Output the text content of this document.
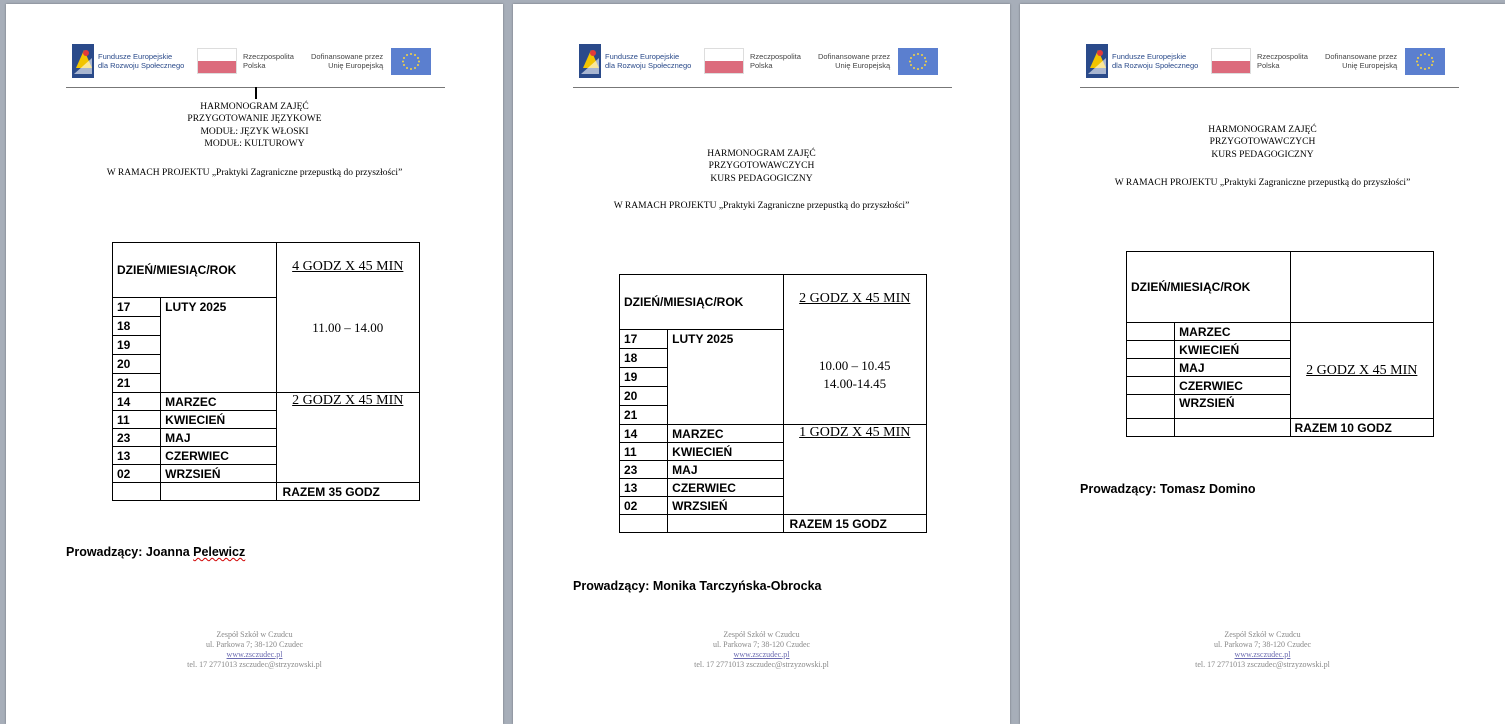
Fundusze Europejskie
dla Rozwoju Społecznego
Rzeczpospolita
Polska
Dofinansowane przez
Unię Europejską
HARMONOGRAM ZAJĘĆ
PRZYGOTOWANIE JĘZYKOWE
MODUŁ: JĘZYK WŁOSKI
MODUŁ: KULTUROWY
W RAMACH PROJEKTU „Praktyki Zagraniczne przepustką do przyszłości”
DZIEŃ/MIESIĄC/ROK		4 GODZ X 45 MIN
11.00 – 14.00

17	LUTY 2025	
18		
19		
20		
21		
14	MARZEC	2 GODZ X 45 MIN
11	KWIECIEŃ	
23	MAJ	
13	CZERWIEC	
02	WRZSIEŃ	
		RAZEM 35 GODZ
Prowadzący: Joanna Pelewicz
Zespół Szkół w Czudcu
ul. Parkowa 7; 38-120 Czudec
www.zsczudec.pl
tel. 17 2771013 zsczudec@strzyzowski.pl
Fundusze Europejskie
dla Rozwoju Społecznego
Rzeczpospolita
Polska
Dofinansowane przez
Unię Europejską
HARMONOGRAM ZAJĘĆ
PRZYGOTOWAWCZYCH
KURS PEDAGOGICZNY
W RAMACH PROJEKTU „Praktyki Zagraniczne przepustką do przyszłości”
DZIEŃ/MIESIĄC/ROK		2 GODZ X 45 MIN
10.00 – 10.45
14.00-14.45

17	LUTY 2025	
18		
19		
20		
21		
14	MARZEC	1 GODZ X 45 MIN
11	KWIECIEŃ	
23	MAJ	
13	CZERWIEC	
02	WRZSIEŃ	
		RAZEM 15 GODZ
Prowadzący: Monika Tarczyńska-Obrocka
Zespół Szkół w Czudcu
ul. Parkowa 7; 38-120 Czudec
www.zsczudec.pl
tel. 17 2771013 zsczudec@strzyzowski.pl
Fundusze Europejskie
dla Rozwoju Społecznego
Rzeczpospolita
Polska
Dofinansowane przez
Unię Europejską
HARMONOGRAM ZAJĘĆ
PRZYGOTOWAWCZYCH
KURS PEDAGOGICZNY
W RAMACH PROJEKTU „Praktyki Zagraniczne przepustką do przyszłości”
DZIEŃ/MIESIĄC/ROK		
	MARZEC	2 GODZ X 45 MIN
	KWIECIEŃ	
	MAJ	
	CZERWIEC	
	WRZSIEŃ	
		RAZEM 10 GODZ
Prowadzący: Tomasz Domino
Zespół Szkół w Czudcu
ul. Parkowa 7; 38-120 Czudec
www.zsczudec.pl
tel. 17 2771013 zsczudec@strzyzowski.pl
